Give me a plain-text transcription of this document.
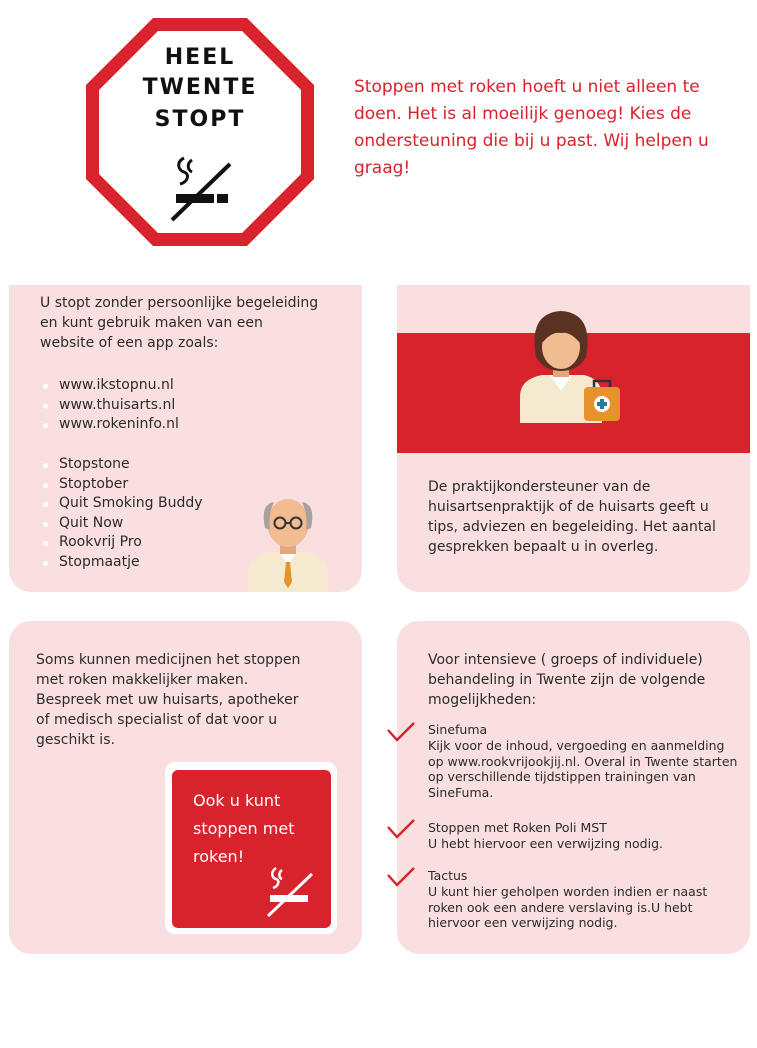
HEEL
TWENTE
STOPT
Stoppen met roken hoeft u niet alleen te doen. Het is al moeilijk genoeg! Kies de ondersteuning die bij u past. Wij helpen u graag!
U stopt zonder persoonlijke begeleiding en kunt gebruik maken van een website of een app zoals:
www.ikstopnu.nl
www.thuisarts.nl
www.rokeninfo.nl
Stopstone
Stoptober
Quit Smoking Buddy
Quit Now
Rookvrij Pro
Stopmaatje
De praktijkondersteuner van de huisartsenpraktijk of de huisarts geeft u tips, adviezen en begeleiding. Het aantal gesprekken bepaalt u in overleg.
Soms kunnen medicijnen het stoppen met roken makkelijker maken. Bespreek met uw huisarts, apotheker of medisch specialist of dat voor u geschikt is.
Ook u kunt stoppen met roken!
Voor intensieve ( groeps of individuele) behandeling in Twente zijn de volgende mogelijkheden:
Sinefuma
Kijk voor de inhoud, vergoeding en aanmelding op www.rookvrijookjij.nl. Overal in Twente starten op verschillende tijdstippen trainingen van SineFuma.
Stoppen met Roken Poli MST
U hebt hiervoor een verwijzing nodig.
Tactus
U kunt hier geholpen worden indien er naast roken ook een andere verslaving is.U hebt hiervoor een verwijzing nodig.
